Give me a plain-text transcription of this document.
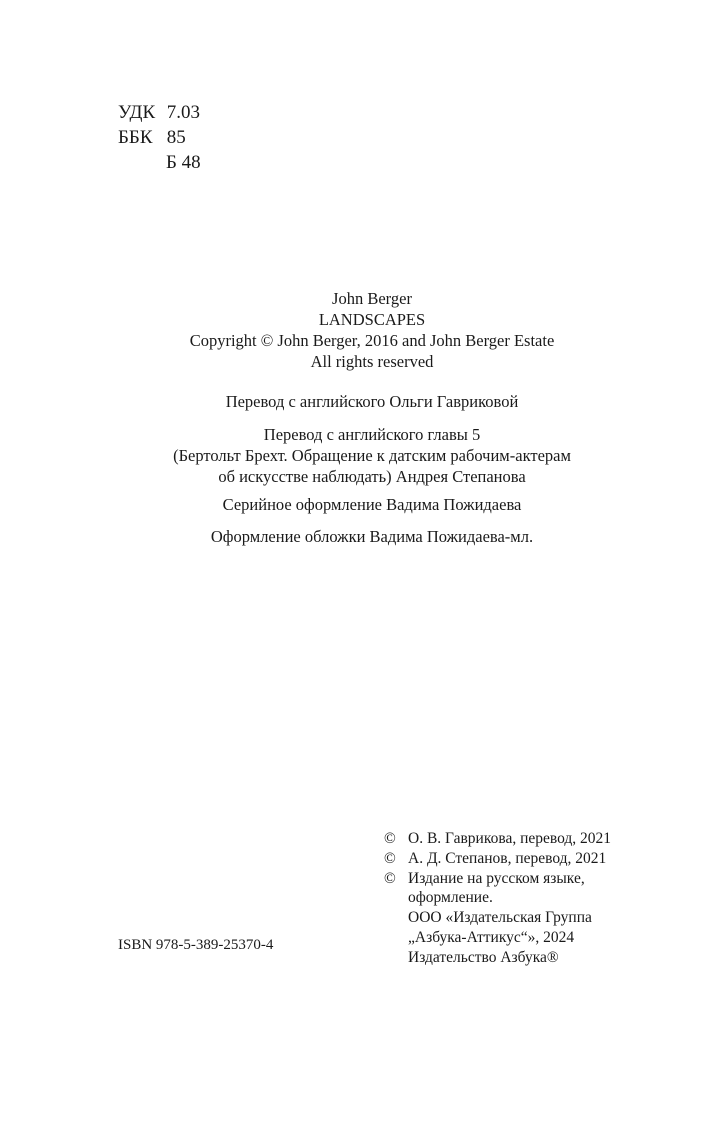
УДК 7.03
ББК 85
Б 48

John Berger

LANDSCAPES

Copyright © John Berger, 2016 and John Berger Estate

All rights reserved

Перевод с английского Ольги Гавриковой

Перевод с английского главы 5

(Бертольт Брехт. Обращение к датским рабочим-актерам

об искусстве наблюдать) Андрея Степанова

Серийное оформление Вадима Пожидаева

Оформление обложки Вадима Пожидаева-мл.

© О. В. Гаврикова, перевод, 2021
© А. Д. Степанов, перевод, 2021
© Издание на русском языке,
оформление.
ООО «Издательская Группа
„Азбука-Аттикус“», 2024
Издательство Азбука®
ISBN 978-5-389-25370-4
